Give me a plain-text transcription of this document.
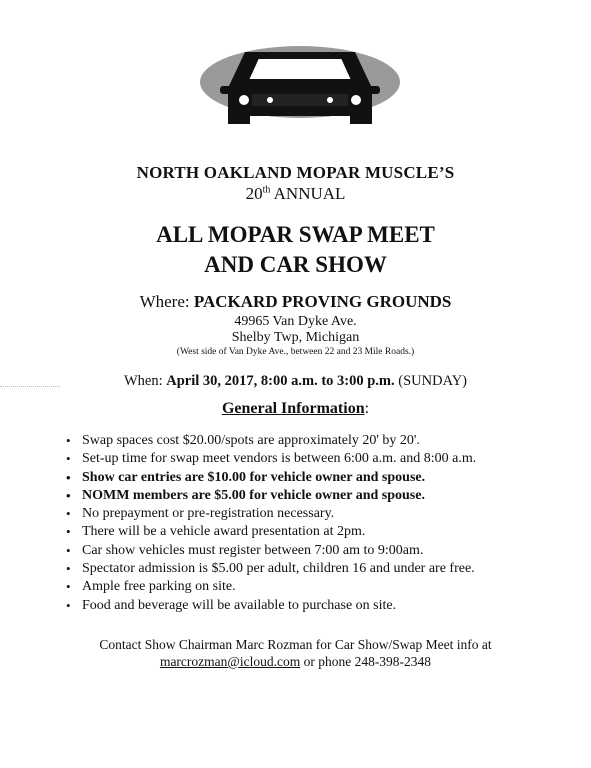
NORTH OAKLAND MOPAR MUSCLE’S
20th ANNUAL
ALL MOPAR SWAP MEET
AND CAR SHOW
Where: PACKARD PROVING GROUNDS
49965 Van Dyke Ave.
Shelby Twp, Michigan
(West side of Van Dyke Ave., between 22 and 23 Mile Roads.)
When: April 30, 2017, 8:00 a.m. to 3:00 p.m. (SUNDAY)
General Information:
• Swap spaces cost $20.00/spots are approximately 20' by 20'.
• Set-up time for swap meet vendors is between 6:00 a.m. and 8:00 a.m.
• Show car entries are $10.00 for vehicle owner and spouse.
• NOMM members are $5.00 for vehicle owner and spouse.
• No prepayment or pre-registration necessary.
• There will be a vehicle award presentation at 2pm.
• Car show vehicles must register between 7:00 am to 9:00am.
• Spectator admission is $5.00 per adult, children 16 and under are free.
• Ample free parking on site.
• Food and beverage will be available to purchase on site.
Contact Show Chairman Marc Rozman for Car Show/Swap Meet info at
marcrozman@icloud.com or phone 248-398-2348
